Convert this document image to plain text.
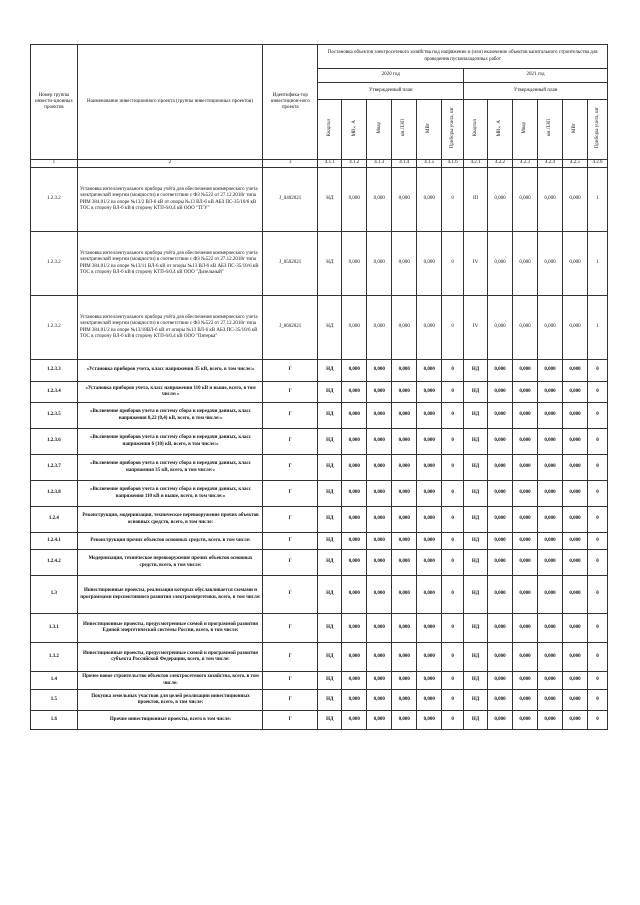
Номер группы инвести-ционных проектов	Наименование инвестиционного проекта (группы инвестиционных проектов)	Идентифика-тор инвестицион-ного проекта	Постановка объектов электросетевого хозяйства под напряжение и (или) включение объектов капитального строительства для проведения пусконаладочных работ											
			2020 год						2021 год					
			Утвержденный план						Утвержденный план					
			Квартал	МВ×А	Мвар	км ЛЭП	МВт	Приборы учета, шт	Квартал	МВ×А	Мвар	км ЛЭП	МВт	Приборы учета, шт
1	2	3	4.1.1	4.1.2	4.1.3	4.1.4	4.1.5	4.1.6	4.2.1	4.2.2	4.2.3	4.2.4	4.2.5	4.2.6
1.2.3.2	Установка интеллектуального прибора учёта для обеспечения коммерческого учета электрической энергии (мощности) в соответствии с ФЗ №522 от 27.12.2018г типа РИМ 384.01/2 на опоре №13/2 ВЛ-6 кВ от опоры №13 ВЛ-6 кВ АБЗ ПС-35/10/6 кВ ТОС в сторону ВЛ-6 кВ в сторону КТП-6/0,4 кВ ООО "ТГУ"	J_0402021	НД	0,000	0,000	0,000	0,000	0	III	0,000	0,000	0,000	0,000	1
1.2.3.2	Установка интеллектуального прибора учёта для обеспечения коммерческого учета электрической энергии (мощности) в соответствии с ФЗ №522 от 27.12.2018г типа РИМ 384.01/2 на опоре №13/11 ВЛ-6 кВ от опоры №13 ВЛ-6 кВ АБЗ ПС-35/10/6 кВ ТОС в сторону ВЛ-6 кВ в сторону КТП-6/0,4 кВ ООО "Дизельный"	J_0502021	НД	0,000	0,000	0,000	0,000	0	IV	0,000	0,000	0,000	0,000	1
1.2.3.2	Установка интеллектуального прибора учёта для обеспечения коммерческого учета электрической энергии (мощности) в соответствии с ФЗ №522 от 27.12.2018г типа РИМ 384.01/2 на опоре №13/18ВЛ-6 кВ от опоры №13 ВЛ-6 кВ АБЗ ПС-35/10/6 кВ ТОС в сторону ВЛ-6 кВ в сторону КТП-6/0,4 кВ ООО "Пятерка"	J_0602021	НД	0,000	0,000	0,000	0,000	0	IV	0,000	0,000	0,000	0,000	1
1.2.3.3	«Установка приборов учета, класс напряжения 35 кВ, всего, в том числе:»	Г	НД	0,000	0,000	0,000	0,000	0	НД	0,000	0,000	0,000	0,000	0
1.2.3.4	«Установка приборов учета, класс напряжения 110 кВ и выше, всего, в том числе:»	Г	НД	0,000	0,000	0,000	0,000	0	НД	0,000	0,000	0,000	0,000	0
1.2.3.5	«Включение приборов учета в систему сбора и передачи данных, класс напряжения 0,22 (0,4) кВ, всего, в том числе:»	Г	НД	0,000	0,000	0,000	0,000	0	НД	0,000	0,000	0,000	0,000	0
1.2.3.6	«Включение приборов учета в систему сбора и передачи данных, класс напряжения 6 (10) кВ, всего, в том числе:»	Г	НД	0,000	0,000	0,000	0,000	0	НД	0,000	0,000	0,000	0,000	0
1.2.3.7	«Включение приборов учета в систему сбора и передачи данных, класс напряжения 35 кВ, всего, в том числе:»	Г	НД	0,000	0,000	0,000	0,000	0	НД	0,000	0,000	0,000	0,000	0
1.2.3.8	«Включение приборов учета в систему сбора и передачи данных, класс напряжения 110 кВ и выше, всего, в том числе:»	Г	НД	0,000	0,000	0,000	0,000	0	НД	0,000	0,000	0,000	0,000	0
1.2.4	Реконструкция, модернизация, техническое перевооружение прочих объектов основных средств, всего, в том числе:	Г	НД	0,000	0,000	0,000	0,000	0	НД	0,000	0,000	0,000	0,000	0
1.2.4.1	Реконструкция прочих объектов основных средств, всего, в том числе:	Г	НД	0,000	0,000	0,000	0,000	0	НД	0,000	0,000	0,000	0,000	0
1.2.4.2	Модернизация, техническое перевооружение прочих объектов основных средств, всего, в том числе:	Г	НД	0,000	0,000	0,000	0,000	0	НД	0,000	0,000	0,000	0,000	0
1.3	Инвестиционные проекты, реализация которых обуславливается схемами и программами перспективного развития электроэнергетики, всего, в том числе:	Г	НД	0,000	0,000	0,000	0,000	0	НД	0,000	0,000	0,000	0,000	0
1.3.1	Инвестиционные проекты, предусмотренные схемой и программой развития Единой энергетической системы России, всего, в том числе:	Г	НД	0,000	0,000	0,000	0,000	0	НД	0,000	0,000	0,000	0,000	0
1.3.2	Инвестиционные проекты, предусмотренные схемой и программой развития субъекта Российской Федерации, всего, в том числе:	Г	НД	0,000	0,000	0,000	0,000	0	НД	0,000	0,000	0,000	0,000	0
1.4	Прочее новое строительство объектов электросетевого хозяйства, всего, в том числе:	Г	НД	0,000	0,000	0,000	0,000	0	НД	0,000	0,000	0,000	0,000	0
1.5	Покупка земельных участков для целей реализации инвестиционных проектов, всего, в том числе:	Г	НД	0,000	0,000	0,000	0,000	0	НД	0,000	0,000	0,000	0,000	0
1.6	Прочие инвестиционные проекты, всего в том числе:	Г	НД	0,000	0,000	0,000	0,000	0	НД	0,000	0,000	0,000	0,000	0
